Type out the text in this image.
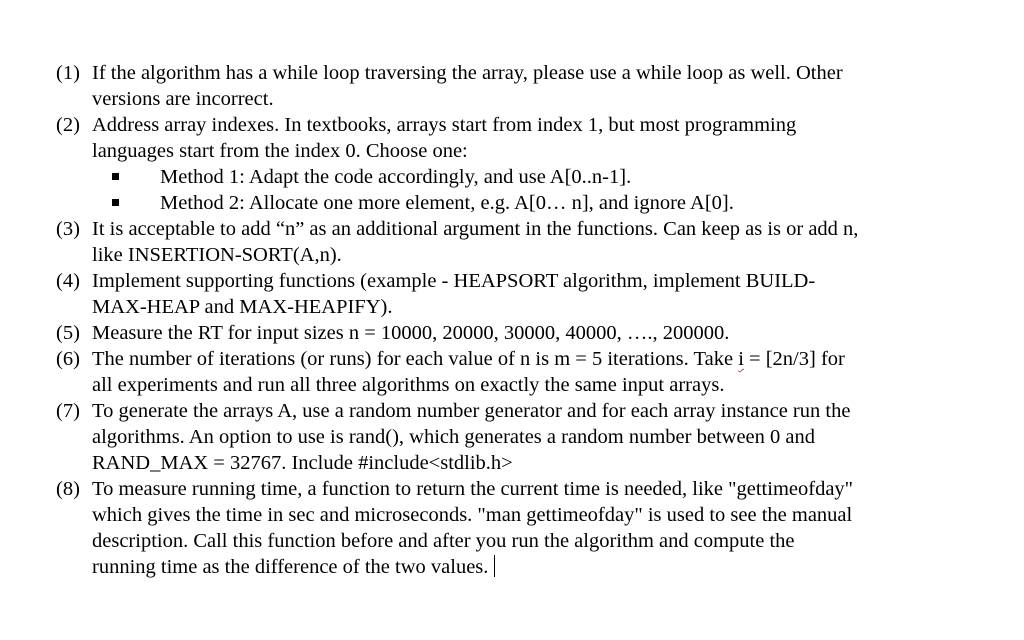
(1) If the algorithm has a while loop traversing the array, please use a while loop as well. Other
versions are incorrect.
(2) Address array indexes. In textbooks, arrays start from index 1, but most programming
languages start from the index 0. Choose one:
Method 1: Adapt the code accordingly, and use A[0..n-1].
Method 2: Allocate one more element, e.g. A[0… n], and ignore A[0].
(3) It is acceptable to add “n” as an additional argument in the functions. Can keep as is or add n,
like INSERTION-SORT(A,n).
(4) Implement supporting functions (example - HEAPSORT algorithm, implement BUILD-
MAX-HEAP and MAX-HEAPIFY).
(5) Measure the RT for input sizes n = 10000, 20000, 30000, 40000, …., 200000.
(6) The number of iterations (or runs) for each value of n is m = 5 iterations. Take i = [2n/3] for
all experiments and run all three algorithms on exactly the same input arrays.
(7) To generate the arrays A, use a random number generator and for each array instance run the
algorithms. An option to use is rand(), which generates a random number between 0 and
RAND_MAX = 32767. Include #include<stdlib.h>
(8) To measure running time, a function to return the current time is needed, like "gettimeofday"
which gives the time in sec and microseconds. "man gettimeofday" is used to see the manual
description. Call this function before and after you run the algorithm and compute the
running time as the difference of the two values.
